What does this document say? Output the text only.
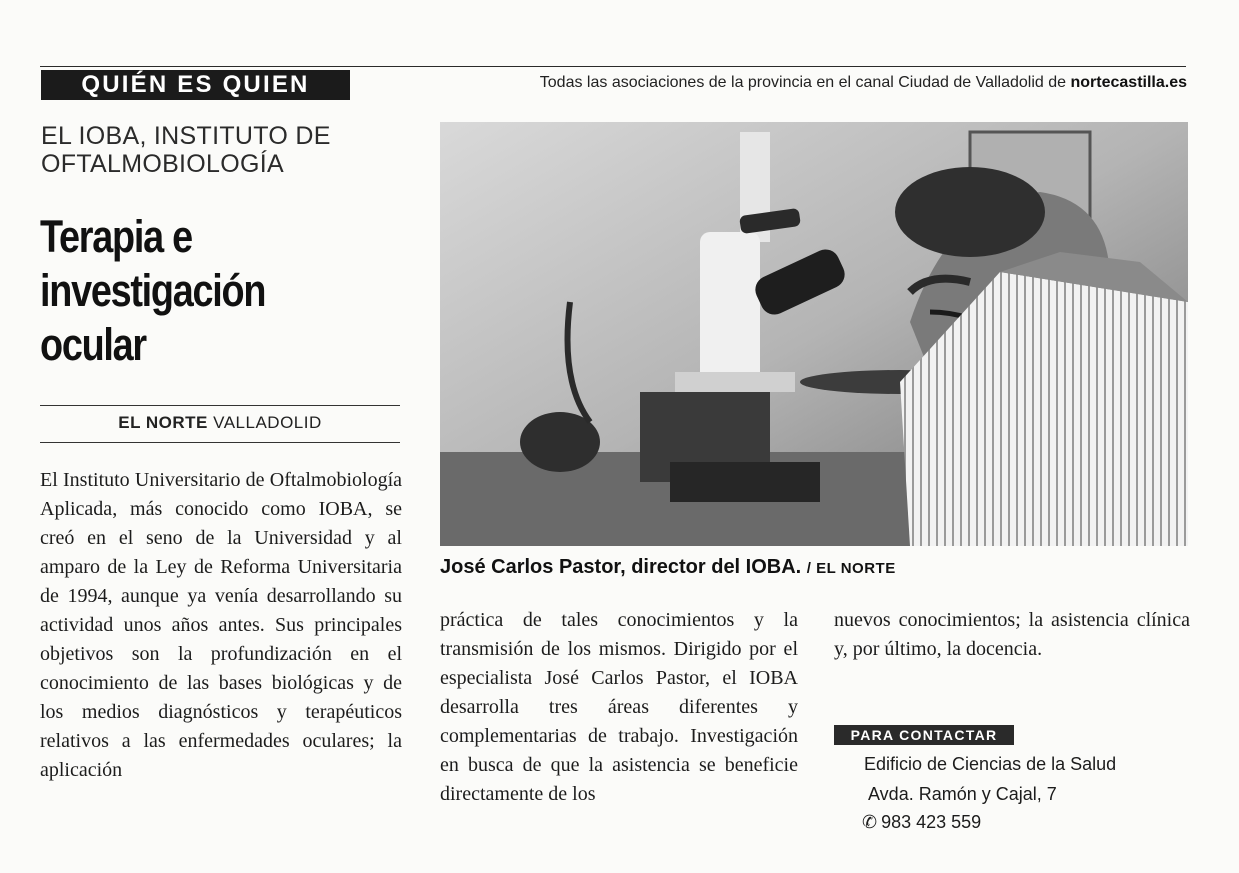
QUIÉN ES QUIEN	Todas las asociaciones de la provincia en el canal Ciudad de Valladolid de nortecastilla.es
EL IOBA, INSTITUTO DE OFTALMOBIOLOGÍA
Terapia e investigación ocular
EL NORTE VALLADOLID
El Instituto Universitario de Oftalmobiología Aplicada, más conocido como IOBA, se creó en el seno de la Universidad y al amparo de la Ley de Reforma Universitaria de 1994, aunque ya venía desarrollando su actividad unos años antes. Sus principales objetivos son la profundización en el conocimiento de las bases biológicas y de los medios diagnósticos y terapéuticos relativos a las enfermedades oculares; la aplicación
José Carlos Pastor, director del IOBA. / EL NORTE
práctica de tales conocimientos y la transmisión de los mismos. Dirigido por el especialista José Carlos Pastor, el IOBA desarrolla tres áreas diferentes y complementarias de trabajo. Investigación en busca de que la asistencia se beneficie directamente de los
nuevos conocimientos; la asistencia clínica y, por último, la docencia.
PARA CONTACTAR
Edificio de Ciencias de la Salud
Avda. Ramón y Cajal, 7
✆ 983 423 559
